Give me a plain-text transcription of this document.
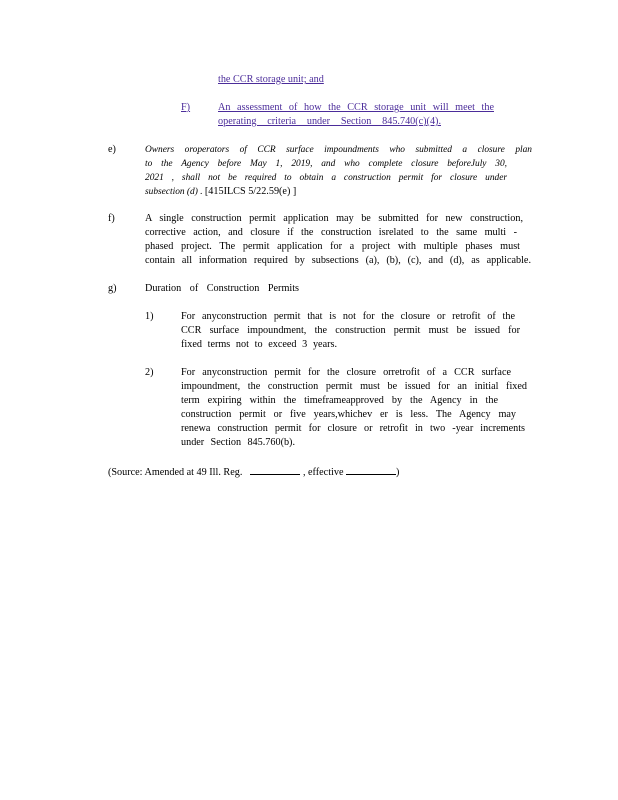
the CCR storage unit; and
F)	An assessment of how the CCR storage unit will meet the
operating criteria under Section 845.740(c)(4).
e)	Owners oroperators of CCR surface impoundments who submitted a closure plan
to the Agency before May 1, 2019, and who complete closure beforeJuly 30,
2021 , shall not be required to obtain a construction permit for closure under
subsection (d) . [415ILCS 5/22.59(e) ]
f)	A single construction permit application may be submitted for new construction,
corrective action, and closure if the construction isrelated to the same multi -
phased project. The permit application for a project with multiple phases must
contain all information required by subsections (a), (b), (c), and (d), as applicable.
g)	Duration of Construction Permits
1)	For anyconstruction permit that is not for the closure or retrofit of the
CCR surface impoundment, the construction permit must be issued for
fixed terms not to exceed 3 years.
2)	For anyconstruction permit for the closure orretrofit of a CCR surface
impoundment, the construction permit must be issued for an initial fixed
term expiring within the timeframeapproved by the Agency in the
construction permit or five years,whichev er is less. The Agency may
renewa construction permit for closure or retrofit in two -year increments
under Section 845.760(b).
(Source: Amended at 49 Ill. Reg.	, effective	)
